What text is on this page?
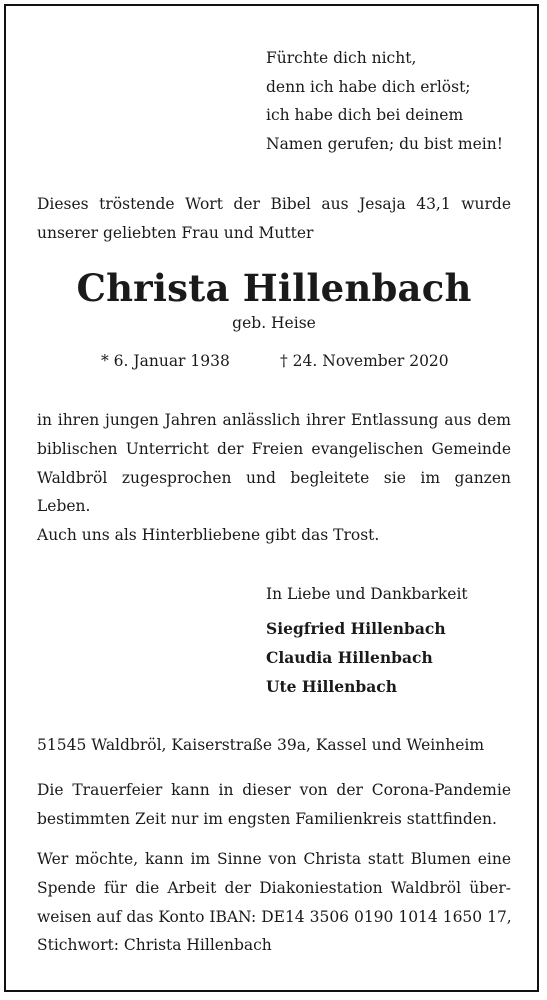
Fürchte dich nicht,
denn ich habe dich erlöst;
ich habe dich bei deinem
Namen gerufen; du bist mein!
Dieses tröstende Wort der Bibel aus Jesaja 43,1 wurde
unserer geliebten Frau und Mutter
Christa Hillenbach
geb. Heise
* 6. Januar 1938	† 24. November 2020
in ihren jungen Jahren anlässlich ihrer Entlassung aus dem
biblischen Unterricht der Freien evangelischen Gemeinde
Waldbröl zugesprochen und begleitete sie im ganzen
Leben.
Auch uns als Hinterbliebene gibt das Trost.
In Liebe und Dankbarkeit
Siegfried Hillenbach
Claudia Hillenbach
Ute Hillenbach
51545 Waldbröl, Kaiserstraße 39a, Kassel und Weinheim
Die Trauerfeier kann in dieser von der Corona-Pandemie
bestimmten Zeit nur im engsten Familienkreis stattfinden.
Wer möchte, kann im Sinne von Christa statt Blumen eine
Spende für die Arbeit der Diakoniestation Waldbröl über-
weisen auf das Konto IBAN: DE14 3506 0190 1014 1650 17,
Stichwort: Christa Hillenbach
